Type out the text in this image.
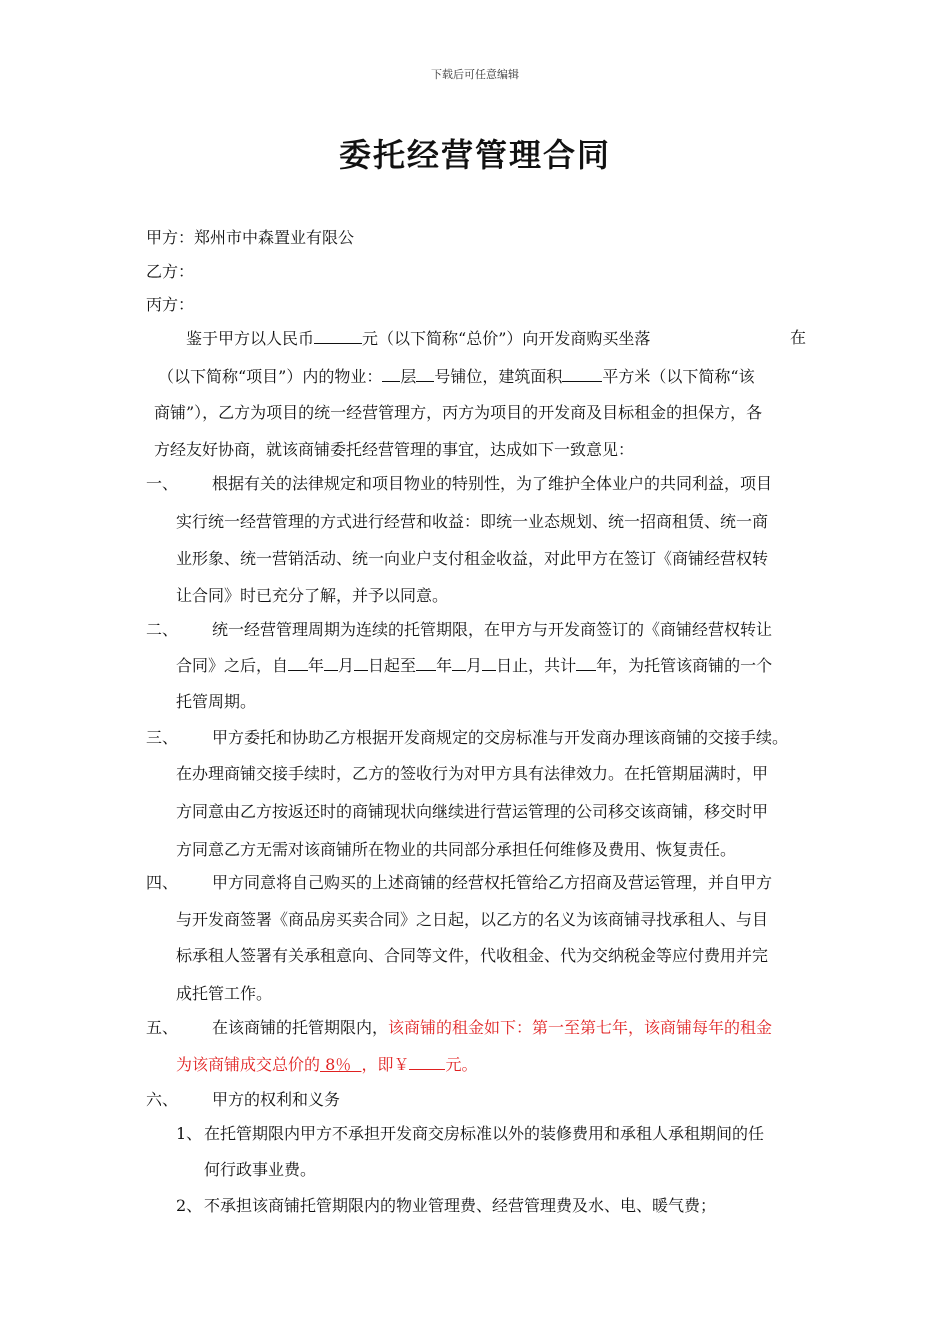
下载后可任意编辑
委托经营管理合同
甲方：郑州市中森置业有限公
乙方：
丙方：
鉴于甲方以人民币	元（以下简称“总价”）向开发商购买坐落	在
（以下简称“项目”）内的物业： 层 号铺位，建筑面积	平方米（以下简称“该
商铺”），乙方为项目的统一经营管理方，丙方为项目的开发商及目标租金的担保方，各
方经友好协商，就该商铺委托经营管理的事宜，达成如下一致意见：
一、 根据有关的法律规定和项目物业的特别性，为了维护全体业户的共同利益，项目
实行统一经营管理的方式进行经营和收益：即统一业态规划、统一招商租赁、统一商
业形象、统一营销活动、统一向业户支付租金收益，对此甲方在签订《商铺经营权转
让合同》时已充分了解，并予以同意。
二、 统一经营管理周期为连续的托管期限，在甲方与开发商签订的《商铺经营权转让
合同》之后，自 年 月 日起至 年 月 日止，共计 年，为托管该商铺的一个
托管周期。
三、 甲方委托和协助乙方根据开发商规定的交房标准与开发商办理该商铺的交接手续。
在办理商铺交接手续时，乙方的签收行为对甲方具有法律效力。在托管期届满时，甲
方同意由乙方按返还时的商铺现状向继续进行营运管理的公司移交该商铺，移交时甲
方同意乙方无需对该商铺所在物业的共同部分承担任何维修及费用、恢复责任。
四、 甲方同意将自己购买的上述商铺的经营权托管给乙方招商及营运管理，并自甲方
与开发商签署《商品房买卖合同》之日起，以乙方的名义为该商铺寻找承租人、与目
标承租人签署有关承租意向、合同等文件，代收租金、代为交纳税金等应付费用并完
成托管工作。
五、 在该商铺的托管期限内，该商铺的租金如下：第一至第七年，该商铺每年的租金
为该商铺成交总价的 8％  ，即￥ 元。
六、 甲方的权利和义务
1、 在托管期限内甲方不承担开发商交房标准以外的装修费用和承租人承租期间的任
何行政事业费。
2、 不承担该商铺托管期限内的物业管理费、经营管理费及水、电、暖气费；
